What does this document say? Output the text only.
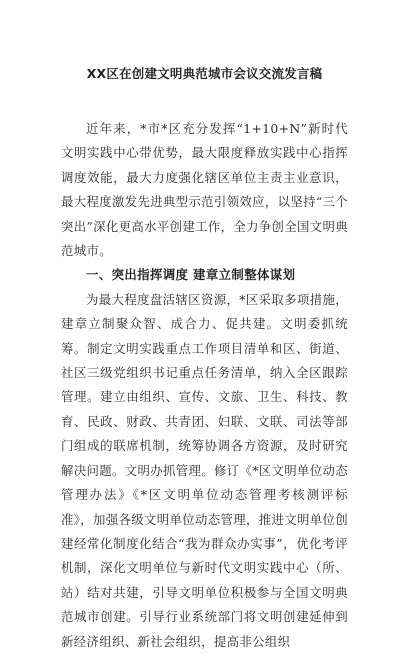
XX区在创建文明典范城市会议交流发言稿

近年来，*市*区充分发挥“1+10+N”新时代文明实践中心带优势，最大限度释放实践中心指挥调度效能，最大力度强化辖区单位主责主业意识，最大程度激发先进典型示范引领效应，以坚持“三个突出”深化更高水平创建工作，全力争创全国文明典范城市。

一、突出指挥调度 建章立制整体谋划

为最大程度盘活辖区资源，*区采取多项措施，建章立制聚众智、成合力、促共建。文明委抓统筹。制定文明实践重点工作项目清单和区、街道、社区三级党组织书记重点任务清单，纳入全区跟踪管理。建立由组织、宣传、文旅、卫生、科技、教育、民政、财政、共青团、妇联、文联、司法等部门组成的联席机制，统筹协调各方资源，及时研究解决问题。文明办抓管理。修订《*区文明单位动态管理办法》《*区文明单位动态管理考核测评标准》，加强各级文明单位动态管理，推进文明单位创建经常化制度化结合“我为群众办实事”，优化考评机制，深化文明单位与新时代文明实践中心（所、站）结对共建，引导文明单位积极参与全国文明典范城市创建。引导行业系统部门将文明创建延伸到新经济组织、新社会组织，提高非公组织
